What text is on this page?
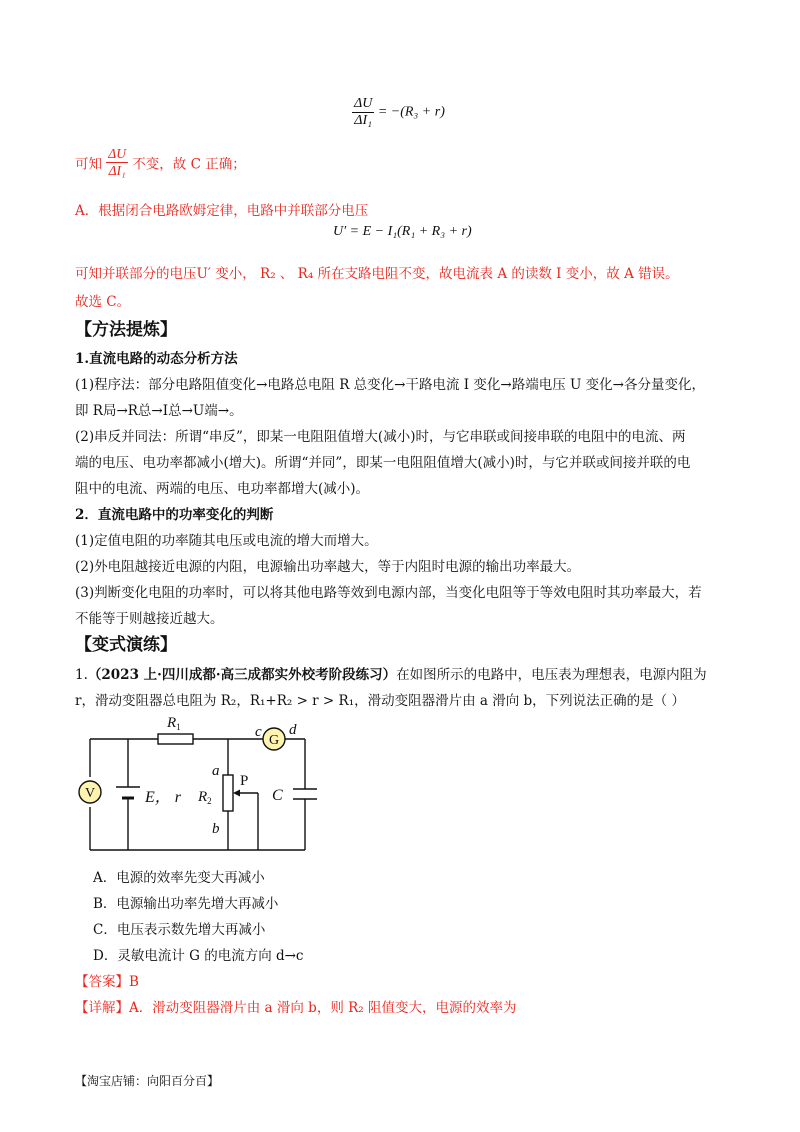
$\frac{\Delta U}{\text{ΔI₁}} = -(R_3 + r)$
可知 $\frac{\Delta U}{\text{ΔI₁}}$ 不变，故 C 正确；
A．根据闭合电路欧姆定律，电路中并联部分电压
U′ = E − I₁(R₁ + R₃ + r)
可知并联部分的电压U′ 变小， R₂ 、 R₄ 所在支路电阻不变，故电流表 A 的读数 I 变小，故 A 错误。
故选 C。
【方法提炼】
1.直流电路的动态分析方法
(1)程序法：部分电路阻值变化→电路总电阻 R 总变化→干路电流 I 变化→路端电压 U 变化→各分量变化，
即 R局→R总→I总→U端→。
(2)串反并同法：所谓“串反”，即某一电阻阻值增大(减小)时，与它串联或间接串联的电阻中的电流、两
端的电压、电功率都减小(增大)。所谓“并同”，即某一电阻阻值增大(减小)时，与它并联或间接并联的电
阻中的电流、两端的电压、电功率都增大(减小)。
2．直流电路中的功率变化的判断
(1)定值电阻的功率随其电压或电流的增大而增大。
(2)外电阻越接近电源的内阻，电源输出功率越大，等于内阻时电源的输出功率最大。
(3)判断变化电阻的功率时，可以将其他电路等效到电源内部，当变化电阻等于等效电阻时其功率最大，若
不能等于则越接近越大。
【变式演练】
1.（2023 上·四川成都·高三成都实外校考阶段练习）在如图所示的电路中，电压表为理想表，电源内阻为
r，滑动变阻器总电阻为 R₂，R₁+R₂ > r > R₁，滑动变阻器滑片由 a 滑向 b，下列说法正确的是（ ）
V
G
$R_1$	c d
a
b
P
$R_2$
E， r	C
A．电源的效率先变大再减小
B．电源输出功率先增大再减小
C．电压表示数先增大再减小
D．灵敏电流计 G 的电流方向 d→c
【答案】B
【详解】A．滑动变阻器滑片由 a 滑向 b，则 R₂ 阻值变大，电源的效率为
【淘宝店铺：向阳百分百】
